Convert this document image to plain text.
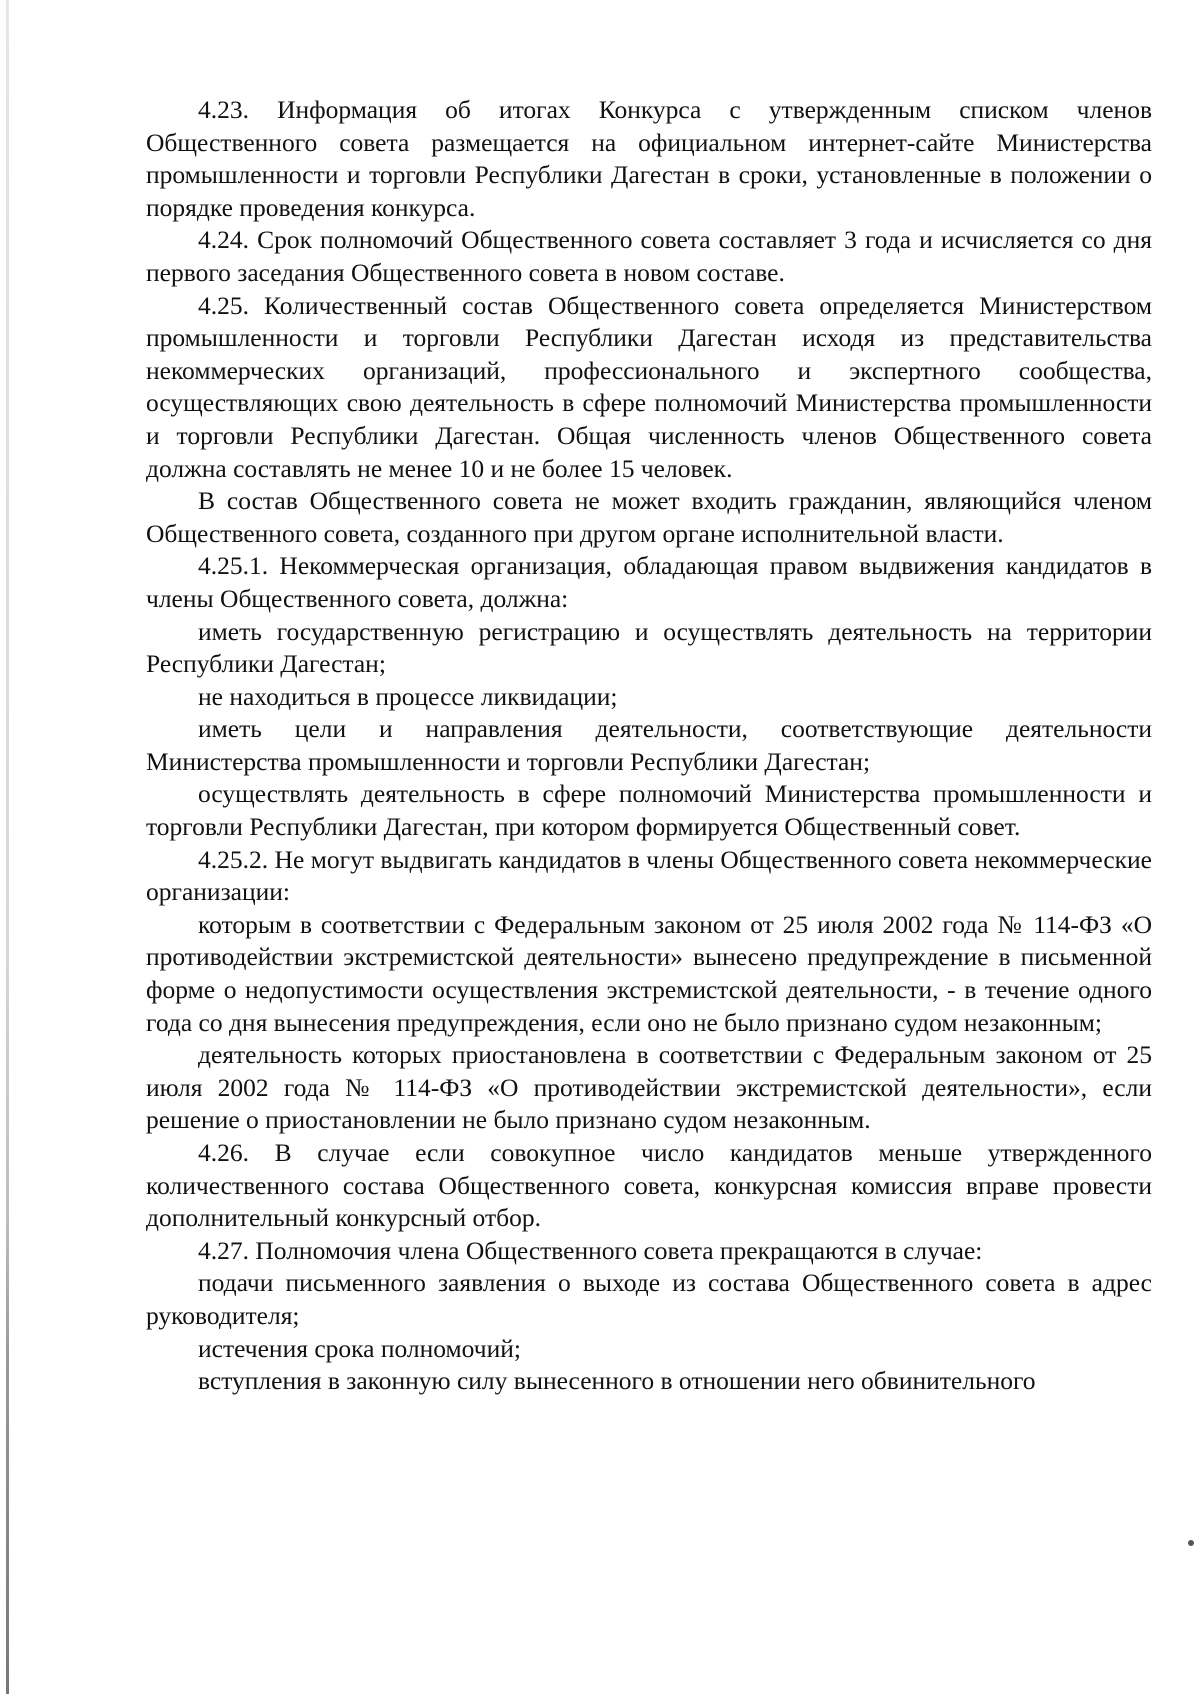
4.23. Информация об итогах Конкурса с утвержденным списком членов Общественного совета размещается на официальном интернет-сайте Министерства промышленности и торговли Республики Дагестан в сроки, установленные в положении о порядке проведения конкурса.

4.24. Срок полномочий Общественного совета составляет 3 года и исчисляется со дня первого заседания Общественного совета в новом составе.

4.25. Количественный состав Общественного совета определяется Министерством промышленности и торговли Республики Дагестан исходя из представительства некоммерческих организаций, профессионального и экспертного сообщества, осуществляющих свою деятельность в сфере полномочий Министерства промышленности и торговли Республики Дагестан. Общая численность членов Общественного совета должна составлять не менее 10 и не более 15 человек.

В состав Общественного совета не может входить гражданин, являющийся членом Общественного совета, созданного при другом органе исполнительной власти.

4.25.1. Некоммерческая организация, обладающая правом выдвижения кандидатов в члены Общественного совета, должна:

иметь государственную регистрацию и осуществлять деятельность на территории Республики Дагестан;

не находиться в процессе ликвидации;

иметь цели и направления деятельности, соответствующие деятельности Министерства промышленности и торговли Республики Дагестан;

осуществлять деятельность в сфере полномочий Министерства промышленности и торговли Республики Дагестан, при котором формируется Общественный совет.

4.25.2. Не могут выдвигать кандидатов в члены Общественного совета некоммерческие организации:

которым в соответствии с Федеральным законом от 25 июля 2002 года № 114-ФЗ «О противодействии экстремистской деятельности» вынесено предупреждение в письменной форме о недопустимости осуществления экстремистской деятельности, - в течение одного года со дня вынесения предупреждения, если оно не было признано судом незаконным;

деятельность которых приостановлена в соответствии с Федеральным законом от 25 июля 2002 года № 114-ФЗ «О противодействии экстремистской деятельности», если решение о приостановлении не было признано судом незаконным.

4.26. В случае если совокупное число кандидатов меньше утвержденного количественного состава Общественного совета, конкурсная комиссия вправе провести дополнительный конкурсный отбор.

4.27. Полномочия члена Общественного совета прекращаются в случае:

подачи письменного заявления о выходе из состава Общественного совета в адрес руководителя;

истечения срока полномочий;

вступления в законную силу вынесенного в отношении него обвинительного
